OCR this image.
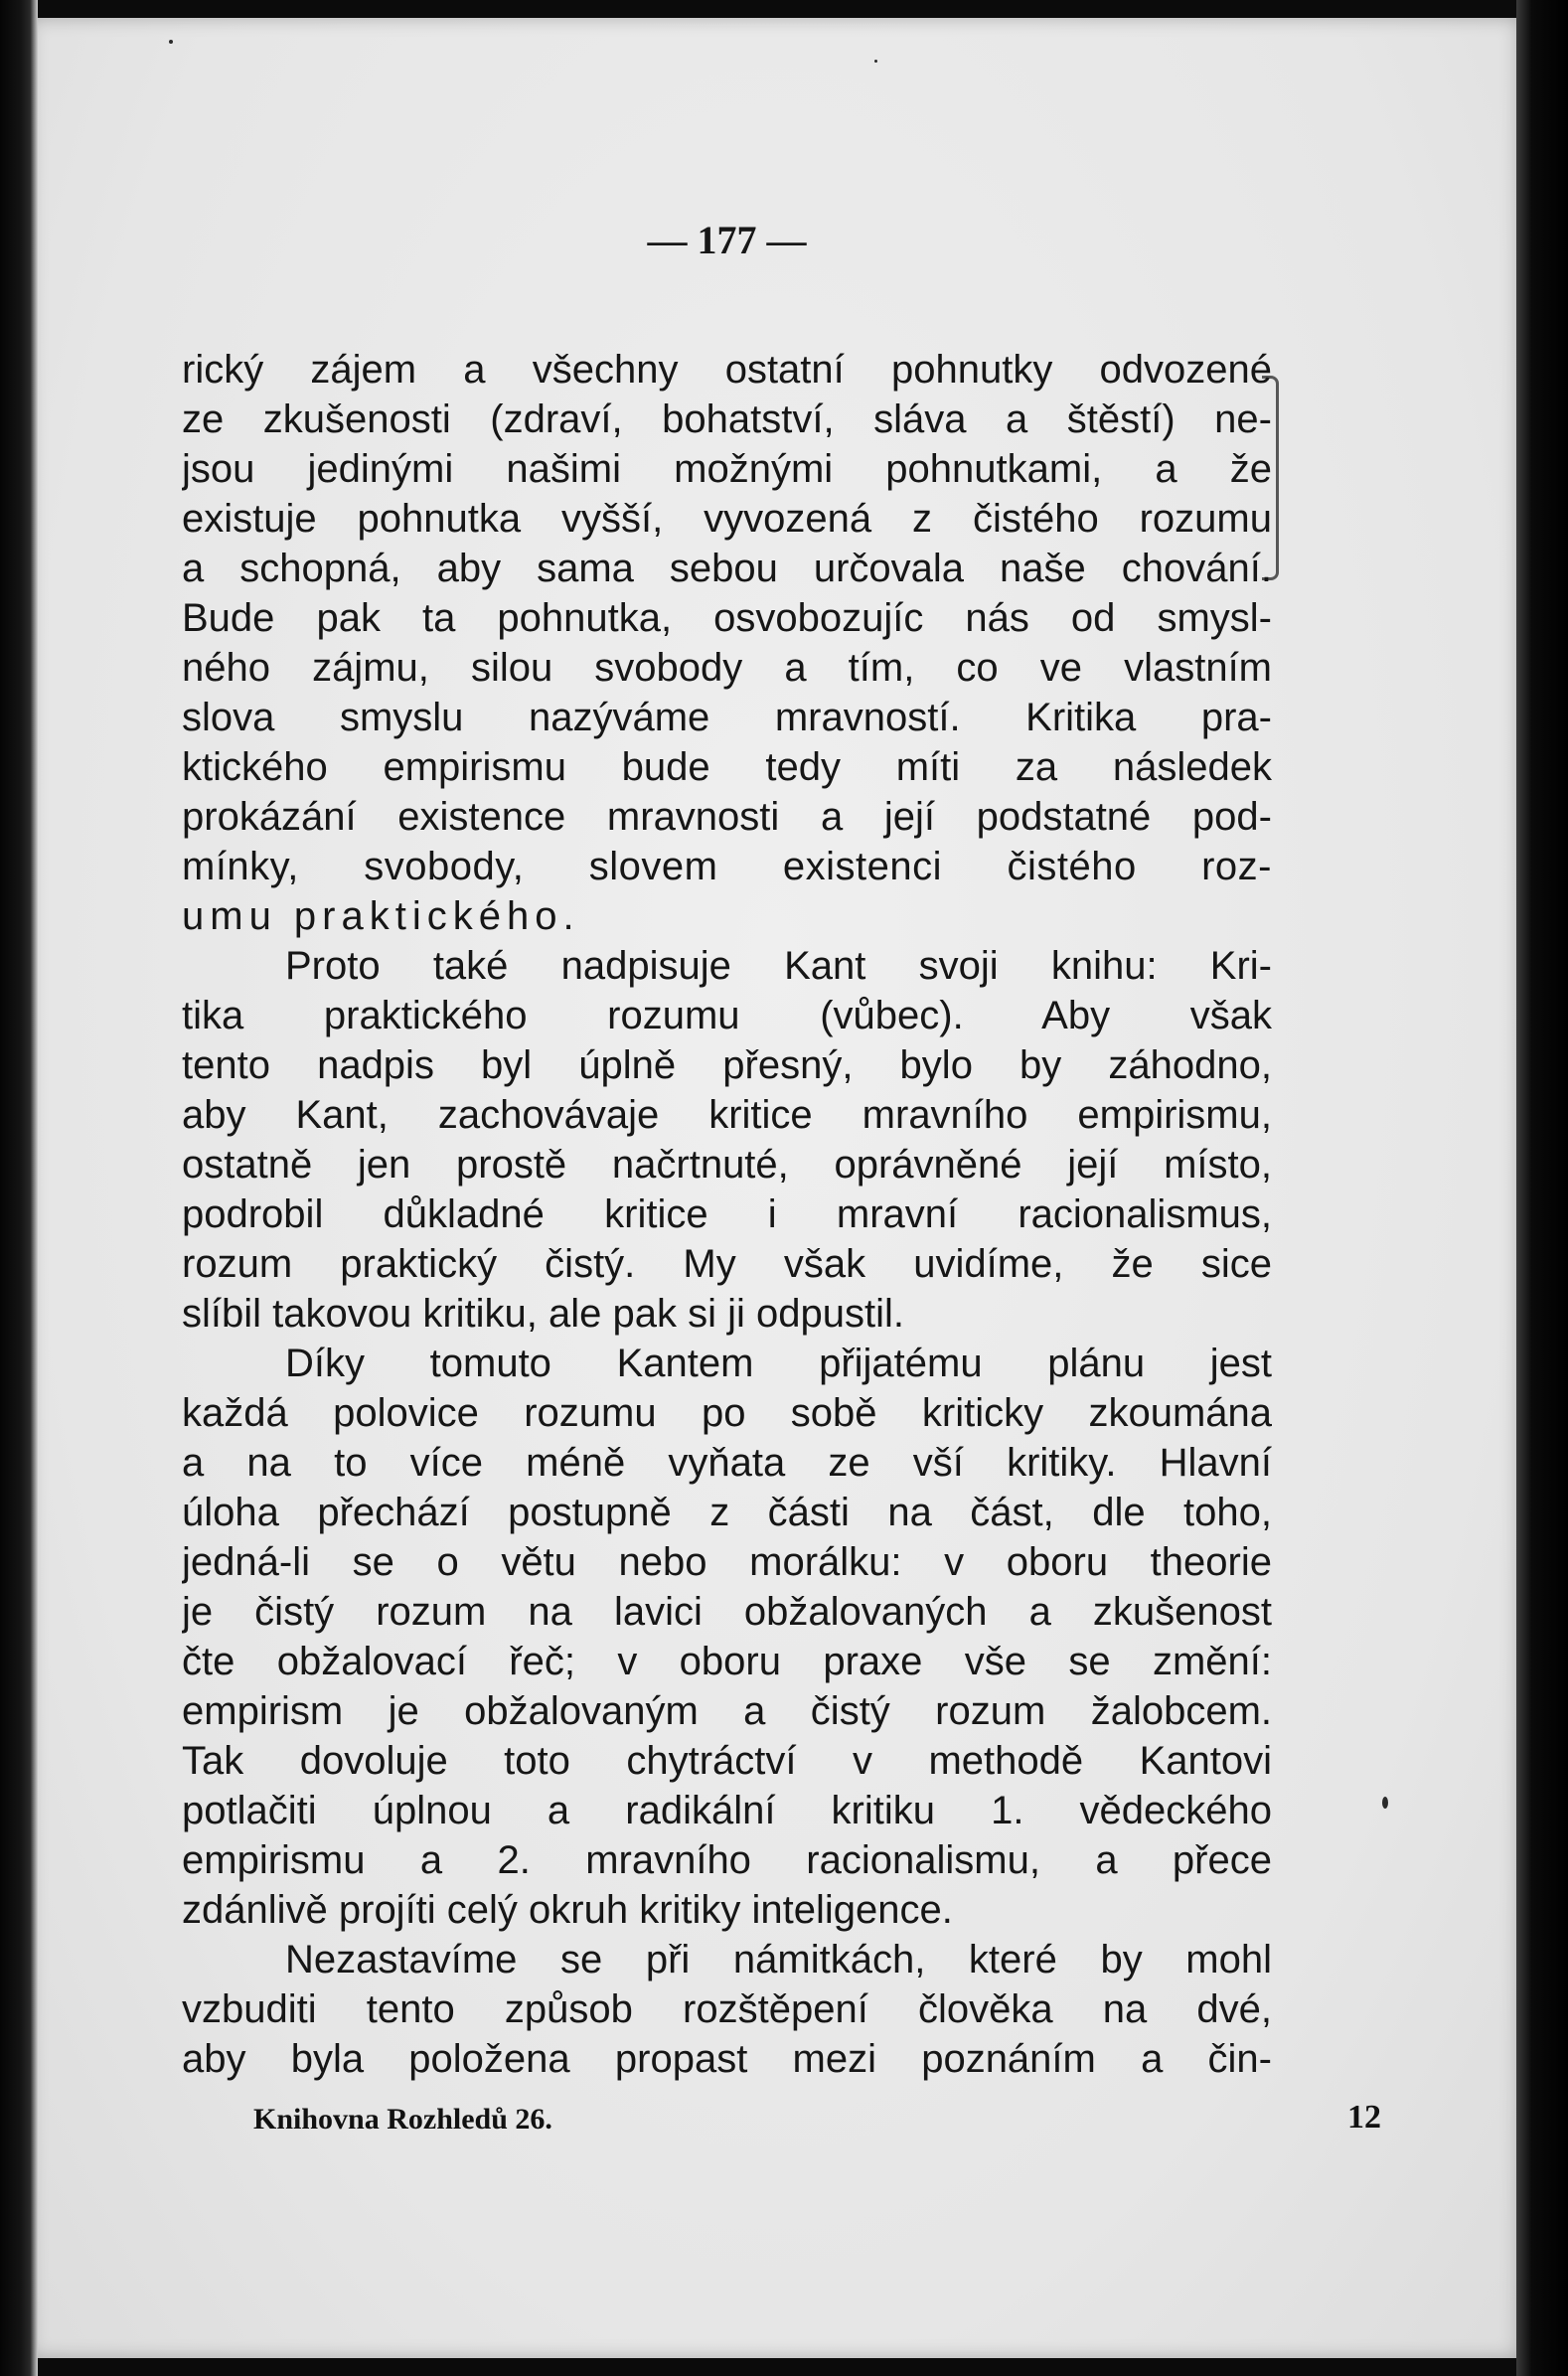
— 177 —
rický zájem a všechny ostatní pohnutky odvozené
ze zkušenosti (zdraví, bohatství, sláva a štěstí) ne-
jsou jedinými našimi možnými pohnutkami, a že
existuje pohnutka vyšší, vyvozená z čistého rozumu
a schopná, aby sama sebou určovala naše chování.
Bude pak ta pohnutka, osvobozujíc nás od smysl-
ného zájmu, silou svobody a tím, co ve vlastním
slova smyslu nazýváme mravností. Kritika pra-
ktického empirismu bude tedy míti za následek
prokázání existence mravnosti a její podstatné pod-
mínky, svobody, slovem existenci čistého roz-
umu praktického.
Proto také nadpisuje Kant svoji knihu: Kri-
tika praktického rozumu (vůbec). Aby však
tento nadpis byl úplně přesný, bylo by záhodno,
aby Kant, zachovávaje kritice mravního empirismu,
ostatně jen prostě načrtnuté, oprávněné její místo,
podrobil důkladné kritice i mravní racionalismus,
rozum praktický čistý. My však uvidíme, že sice
slíbil takovou kritiku, ale pak si ji odpustil.
Díky tomuto Kantem přijatému plánu jest
každá polovice rozumu po sobě kriticky zkoumána
a na to více méně vyňata ze vší kritiky. Hlavní
úloha přechází postupně z části na část, dle toho,
jedná-li se o větu nebo morálku: v oboru theorie
je čistý rozum na lavici obžalovaných a zkušenost
čte obžalovací řeč; v oboru praxe vše se změní:
empirism je obžalovaným a čistý rozum žalobcem.
Tak dovoluje toto chytráctví v methodě Kantovi
potlačiti úplnou a radikální kritiku 1. vědeckého
empirismu a 2. mravního racionalismu, a přece
zdánlivě projíti celý okruh kritiky inteligence.
Nezastavíme se při námitkách, které by mohl
vzbuditi tento způsob rozštěpení člověka na dvé,
aby byla položena propast mezi poznáním a čin-
Knihovna Rozhledů 26.	12
